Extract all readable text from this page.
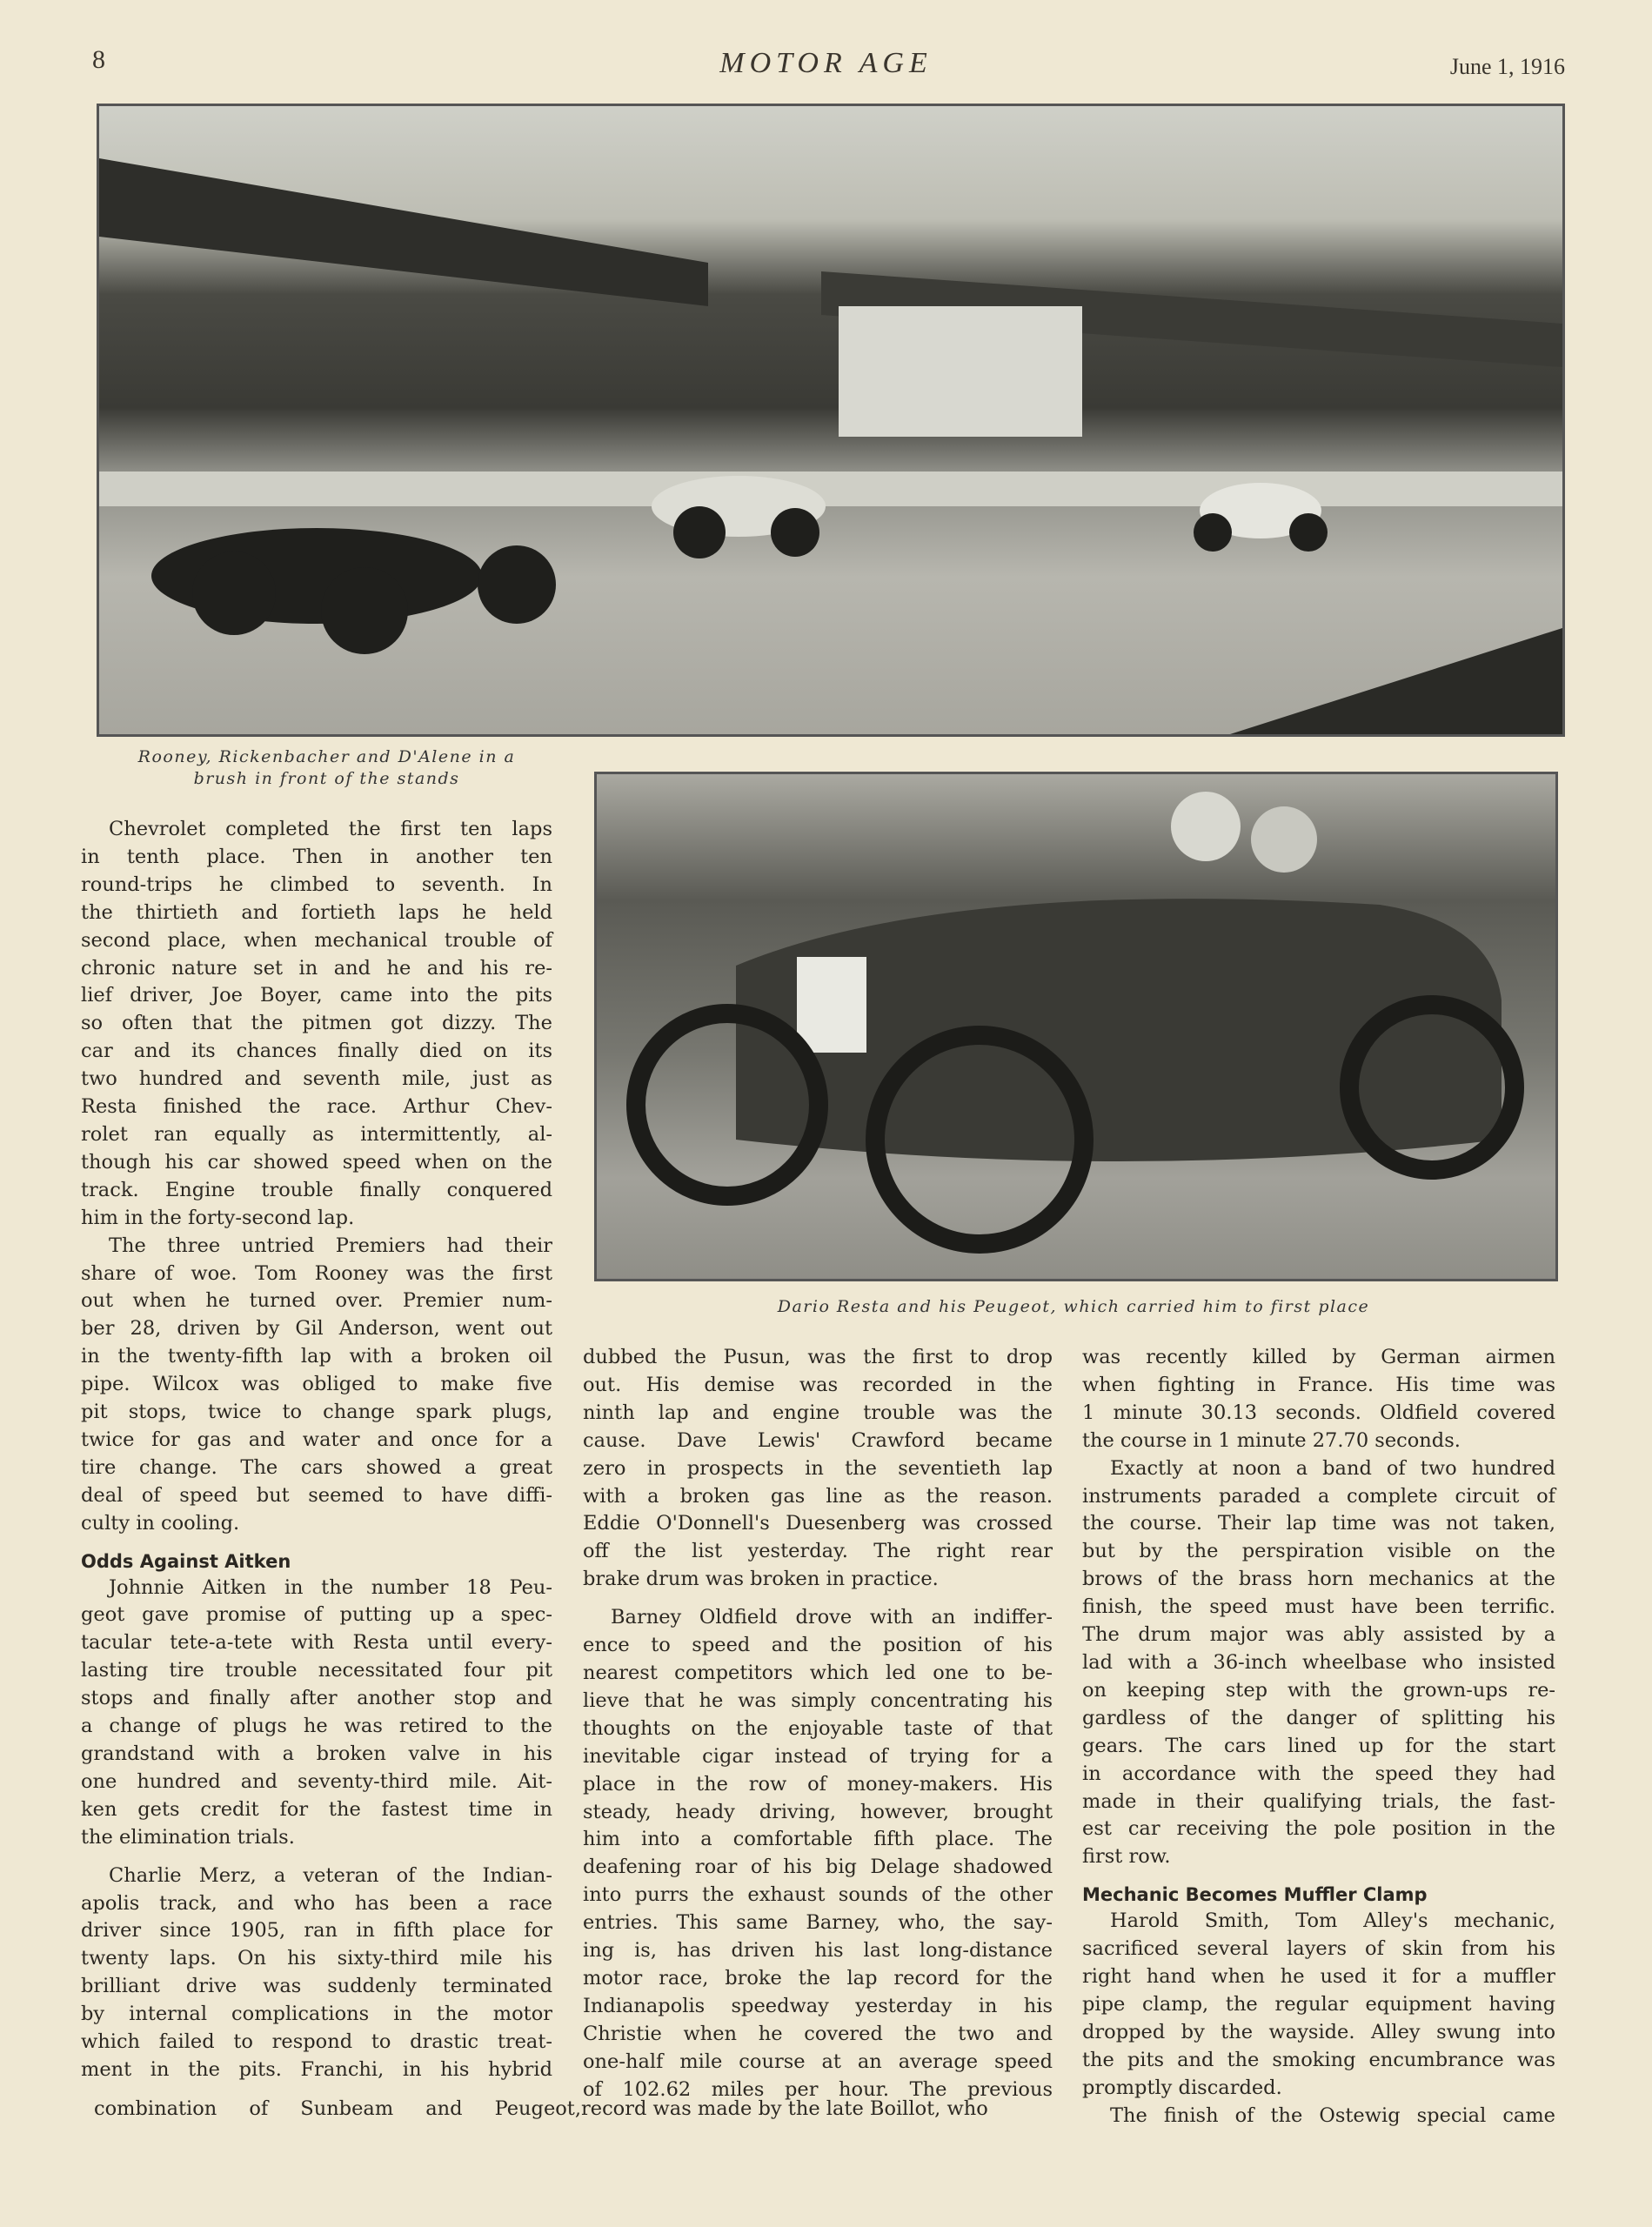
8	MOTOR AGE	June 1, 1916
Rooney, Rickenbacher and D'Alene in a
brush in front of the stands
Dario Resta and his Peugeot, which carried him to first place
Chevrolet completed the first ten laps
in tenth place. Then in another ten
round-trips he climbed to seventh. In
the thirtieth and fortieth laps he held
second place, when mechanical trouble of
chronic nature set in and he and his re-
lief driver, Joe Boyer, came into the pits
so often that the pitmen got dizzy. The
car and its chances finally died on its
two hundred and seventh mile, just as
Resta finished the race. Arthur Chev-
rolet ran equally as intermittently, al-
though his car showed speed when on the
track. Engine trouble finally conquered
him in the forty-second lap.
The three untried Premiers had their
share of woe. Tom Rooney was the first
out when he turned over. Premier num-
ber 28, driven by Gil Anderson, went out
in the twenty-fifth lap with a broken oil
pipe. Wilcox was obliged to make five
pit stops, twice to change spark plugs,
twice for gas and water and once for a
tire change. The cars showed a great
deal of speed but seemed to have diffi-
culty in cooling.
Odds Against Aitken
Johnnie Aitken in the number 18 Peu-
geot gave promise of putting up a spec-
tacular tete-a-tete with Resta until every-
lasting tire trouble necessitated four pit
stops and finally after another stop and
a change of plugs he was retired to the
grandstand with a broken valve in his
one hundred and seventy-third mile. Ait-
ken gets credit for the fastest time in
the elimination trials.
Charlie Merz, a veteran of the Indian-
apolis track, and who has been a race
driver since 1905, ran in fifth place for
twenty laps. On his sixty-third mile his
brilliant drive was suddenly terminated
by internal complications in the motor
which failed to respond to drastic treat-
ment in the pits. Franchi, in his hybrid
dubbed the Pusun, was the first to drop
out. His demise was recorded in the
ninth lap and engine trouble was the
cause. Dave Lewis' Crawford became
zero in prospects in the seventieth lap
with a broken gas line as the reason.
Eddie O'Donnell's Duesenberg was crossed
off the list yesterday. The right rear
brake drum was broken in practice.
Barney Oldfield drove with an indiffer-
ence to speed and the position of his
nearest competitors which led one to be-
lieve that he was simply concentrating his
thoughts on the enjoyable taste of that
inevitable cigar instead of trying for a
place in the row of money-makers. His
steady, heady driving, however, brought
him into a comfortable fifth place. The
deafening roar of his big Delage shadowed
into purrs the exhaust sounds of the other
entries. This same Barney, who, the say-
ing is, has driven his last long-distance
motor race, broke the lap record for the
Indianapolis speedway yesterday in his
Christie when he covered the two and
one-half mile course at an average speed
of 102.62 miles per hour. The previous
was recently killed by German airmen
when fighting in France. His time was
1 minute 30.13 seconds. Oldfield covered
the course in 1 minute 27.70 seconds.
Exactly at noon a band of two hundred
instruments paraded a complete circuit of
the course. Their lap time was not taken,
but by the perspiration visible on the
brows of the brass horn mechanics at the
finish, the speed must have been terrific.
The drum major was ably assisted by a
lad with a 36-inch wheelbase who insisted
on keeping step with the grown-ups re-
gardless of the danger of splitting his
gears. The cars lined up for the start
in accordance with the speed they had
made in their qualifying trials, the fast-
est car receiving the pole position in the
first row.
Mechanic Becomes Muffler Clamp
Harold Smith, Tom Alley's mechanic,
sacrificed several layers of skin from his
right hand when he used it for a muffler
pipe clamp, the regular equipment having
dropped by the wayside. Alley swung into
the pits and the smoking encumbrance was
promptly discarded.
The finish of the Ostewig special came
combination of Sunbeam and Peugeot,record was made by the late Boillot, who
